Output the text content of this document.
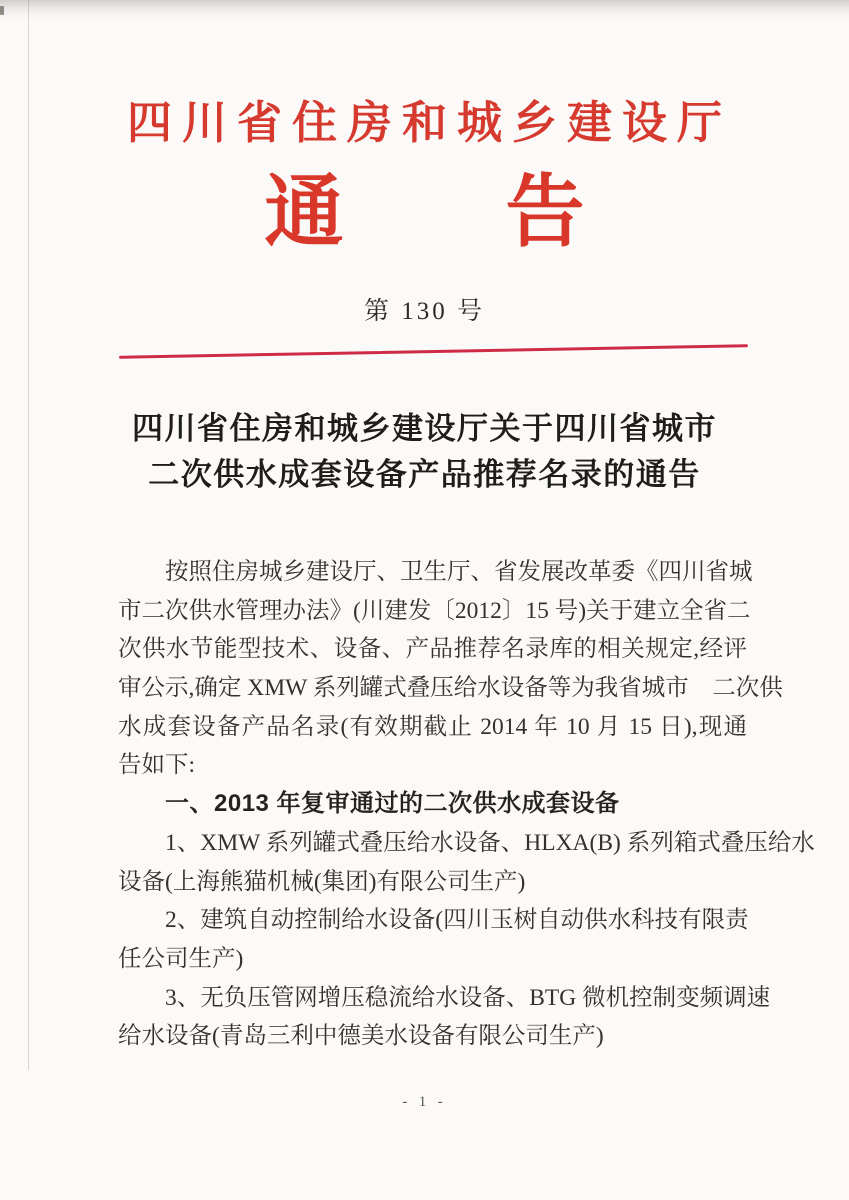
四川省住房和城乡建设厅
通 告
第 130 号
四川省住房和城乡建设厅关于四川省城市
二次供水成套设备产品推荐名录的通告
按照住房城乡建设厅、卫生厅、省发展改革委《四川省城
市二次供水管理办法》(川建发〔2012〕15 号)关于建立全省二
次供水节能型技术、设备、产品推荐名录库的相关规定,经评
审公示,确定 XMW 系列罐式叠压给水设备等为我省城市　二次供
水成套设备产品名录(有效期截止 2014 年 10 月 15 日),现通
告如下:
一、2013 年复审通过的二次供水成套设备
1、XMW 系列罐式叠压给水设备、HLXA(B) 系列箱式叠压给水
设备(上海熊猫机械(集团)有限公司生产)
2、建筑自动控制给水设备(四川玉树自动供水科技有限责
任公司生产)
3、无负压管网增压稳流给水设备、BTG 微机控制变频调速
给水设备(青岛三利中德美水设备有限公司生产)
- 1 -
